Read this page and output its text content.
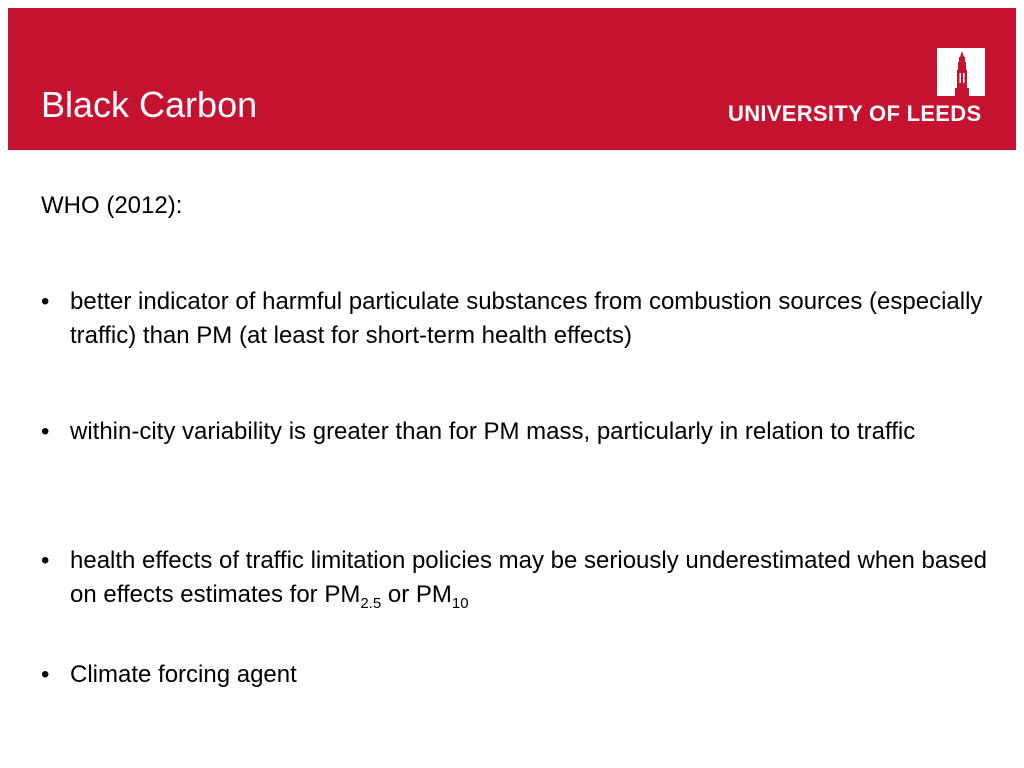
Black Carbon	UNIVERSITY OF LEEDS
WHO (2012):
• better indicator of harmful particulate substances from combustion sources (especially traffic) than PM (at least for short-term health effects)
• within-city variability is greater than for PM mass, particularly in relation to traffic
• health effects of traffic limitation policies may be seriously underestimated when based on effects estimates for $PM_{2.5}$ or $PM_{10}$
• Climate forcing agent
